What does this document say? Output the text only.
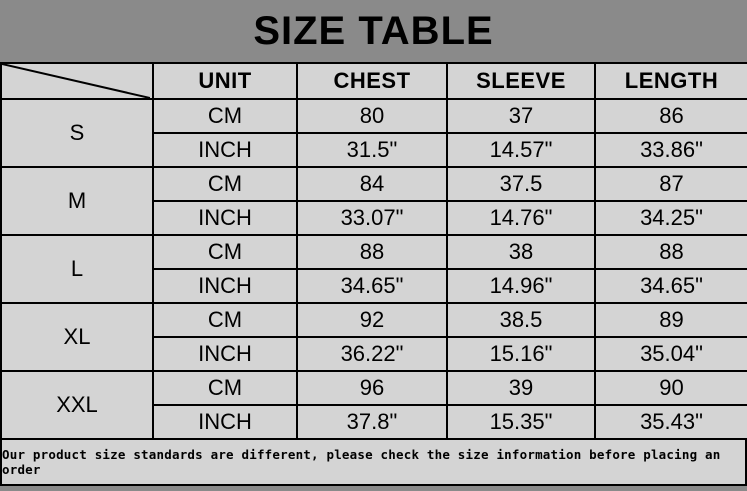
SIZE TABLE
	UNIT	CHEST	SLEEVE	LENGTH
S	CM	80	37	86
	INCH	31.5"	14.57"	33.86"
M	CM	84	37.5	87
	INCH	33.07"	14.76"	34.25"
L	CM	88	38	88
	INCH	34.65"	14.96"	34.65"
XL	CM	92	38.5	89
	INCH	36.22"	15.16"	35.04"
XXL	CM	96	39	90
	INCH	37.8"	15.35"	35.43"
Our product size standards are different, please check the size information before placing an order
